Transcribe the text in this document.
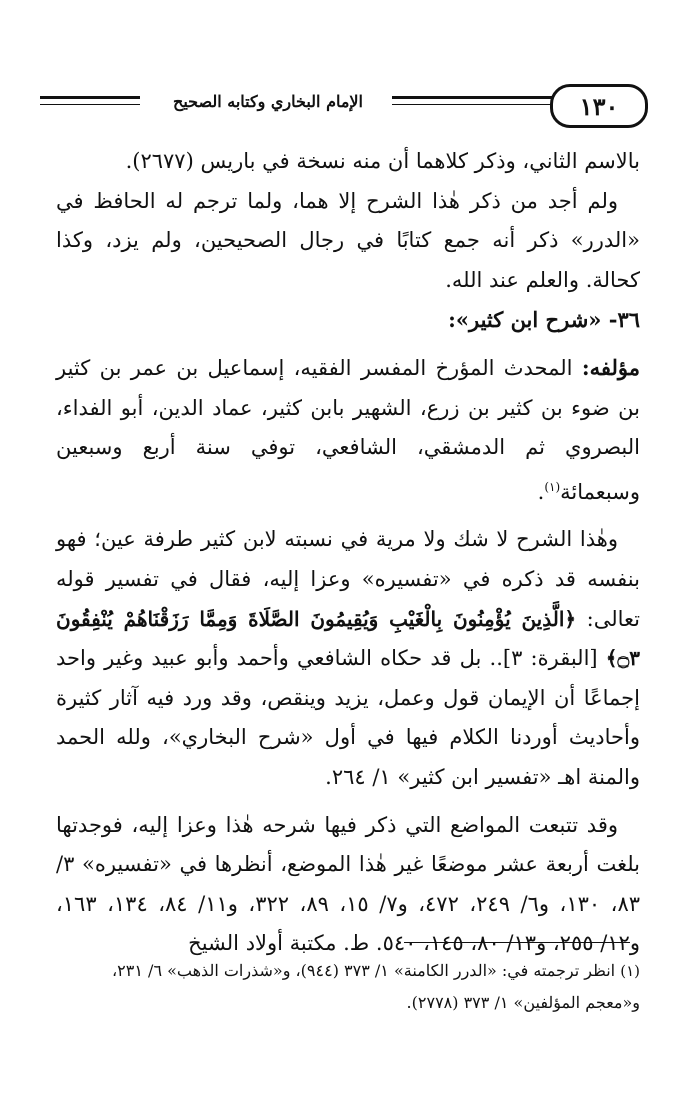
الإمام البخاري وكتابه الصحيح	١٣٠

بالاسم الثاني، وذكر كلاهما أن منه نسخة في باريس (٢٦٧٧).

ولم أجد من ذكر هٰذا الشرح إلا هما، ولما ترجم له الحافظ في «الدرر» ذكر أنه جمع كتابًا في رجال الصحيحين، ولم يزد، وكذا كحالة. والعلم عند الله.

٣٦- «شرح ابن كثير»:

مؤلفه: المحدث المؤرخ المفسر الفقيه، إسماعيل بن عمر بن كثير بن ضوء بن كثير بن زرع، الشهير بابن كثير، عماد الدين، أبو الفداء، البصروي ثم الدمشقي، الشافعي، توفي سنة أربع وسبعين وسبعمائة$^{(١)}$.

وهٰذا الشرح لا شك ولا مرية في نسبته لابن كثير طرفة عين؛ فهو بنفسه قد ذكره في «تفسيره» وعزا إليه، فقال في تفسير قوله تعالى: ﴿الَّذِينَ يُؤْمِنُونَ بِالْغَيْبِ وَيُقِيمُونَ الصَّلَاةَ وَمِمَّا رَزَقْنَاهُمْ يُنْفِقُونَ ۝٣﴾ [البقرة: ٣].. بل قد حكاه الشافعي وأحمد وأبو عبيد وغير واحد إجماعًا أن الإيمان قول وعمل، يزيد وينقص، وقد ورد فيه آثار كثيرة وأحاديث أوردنا الكلام فيها في أول «شرح البخاري»، ولله الحمد والمنة اهـ «تفسير ابن كثير» ١/ ٢٦٤.

وقد تتبعت المواضع التي ذكر فيها شرحه هٰذا وعزا إليه، فوجدتها بلغت أربعة عشر موضعًا غير هٰذا الموضع، أنظرها في «تفسيره» ٣/ ٨٣، ١٣٠، و٦/ ٢٤٩، ٤٧٢، و٧/ ١٥، ٨٩، ٣٢٢، و١١/ ٨٤، ١٣٤، ١٦٣، و١٢/ ٢٥٥، و١٣/ ٨٠، ١٤٥، ٥٤٠. ط. مكتبة أولاد الشيخ

(١) انظر ترجمته في: «الدرر الكامنة» ١/ ٣٧٣ (٩٤٤)، و«شذرات الذهب» ٦/ ٢٣١، و«معجم المؤلفين» ١/ ٣٧٣ (٢٧٧٨).
